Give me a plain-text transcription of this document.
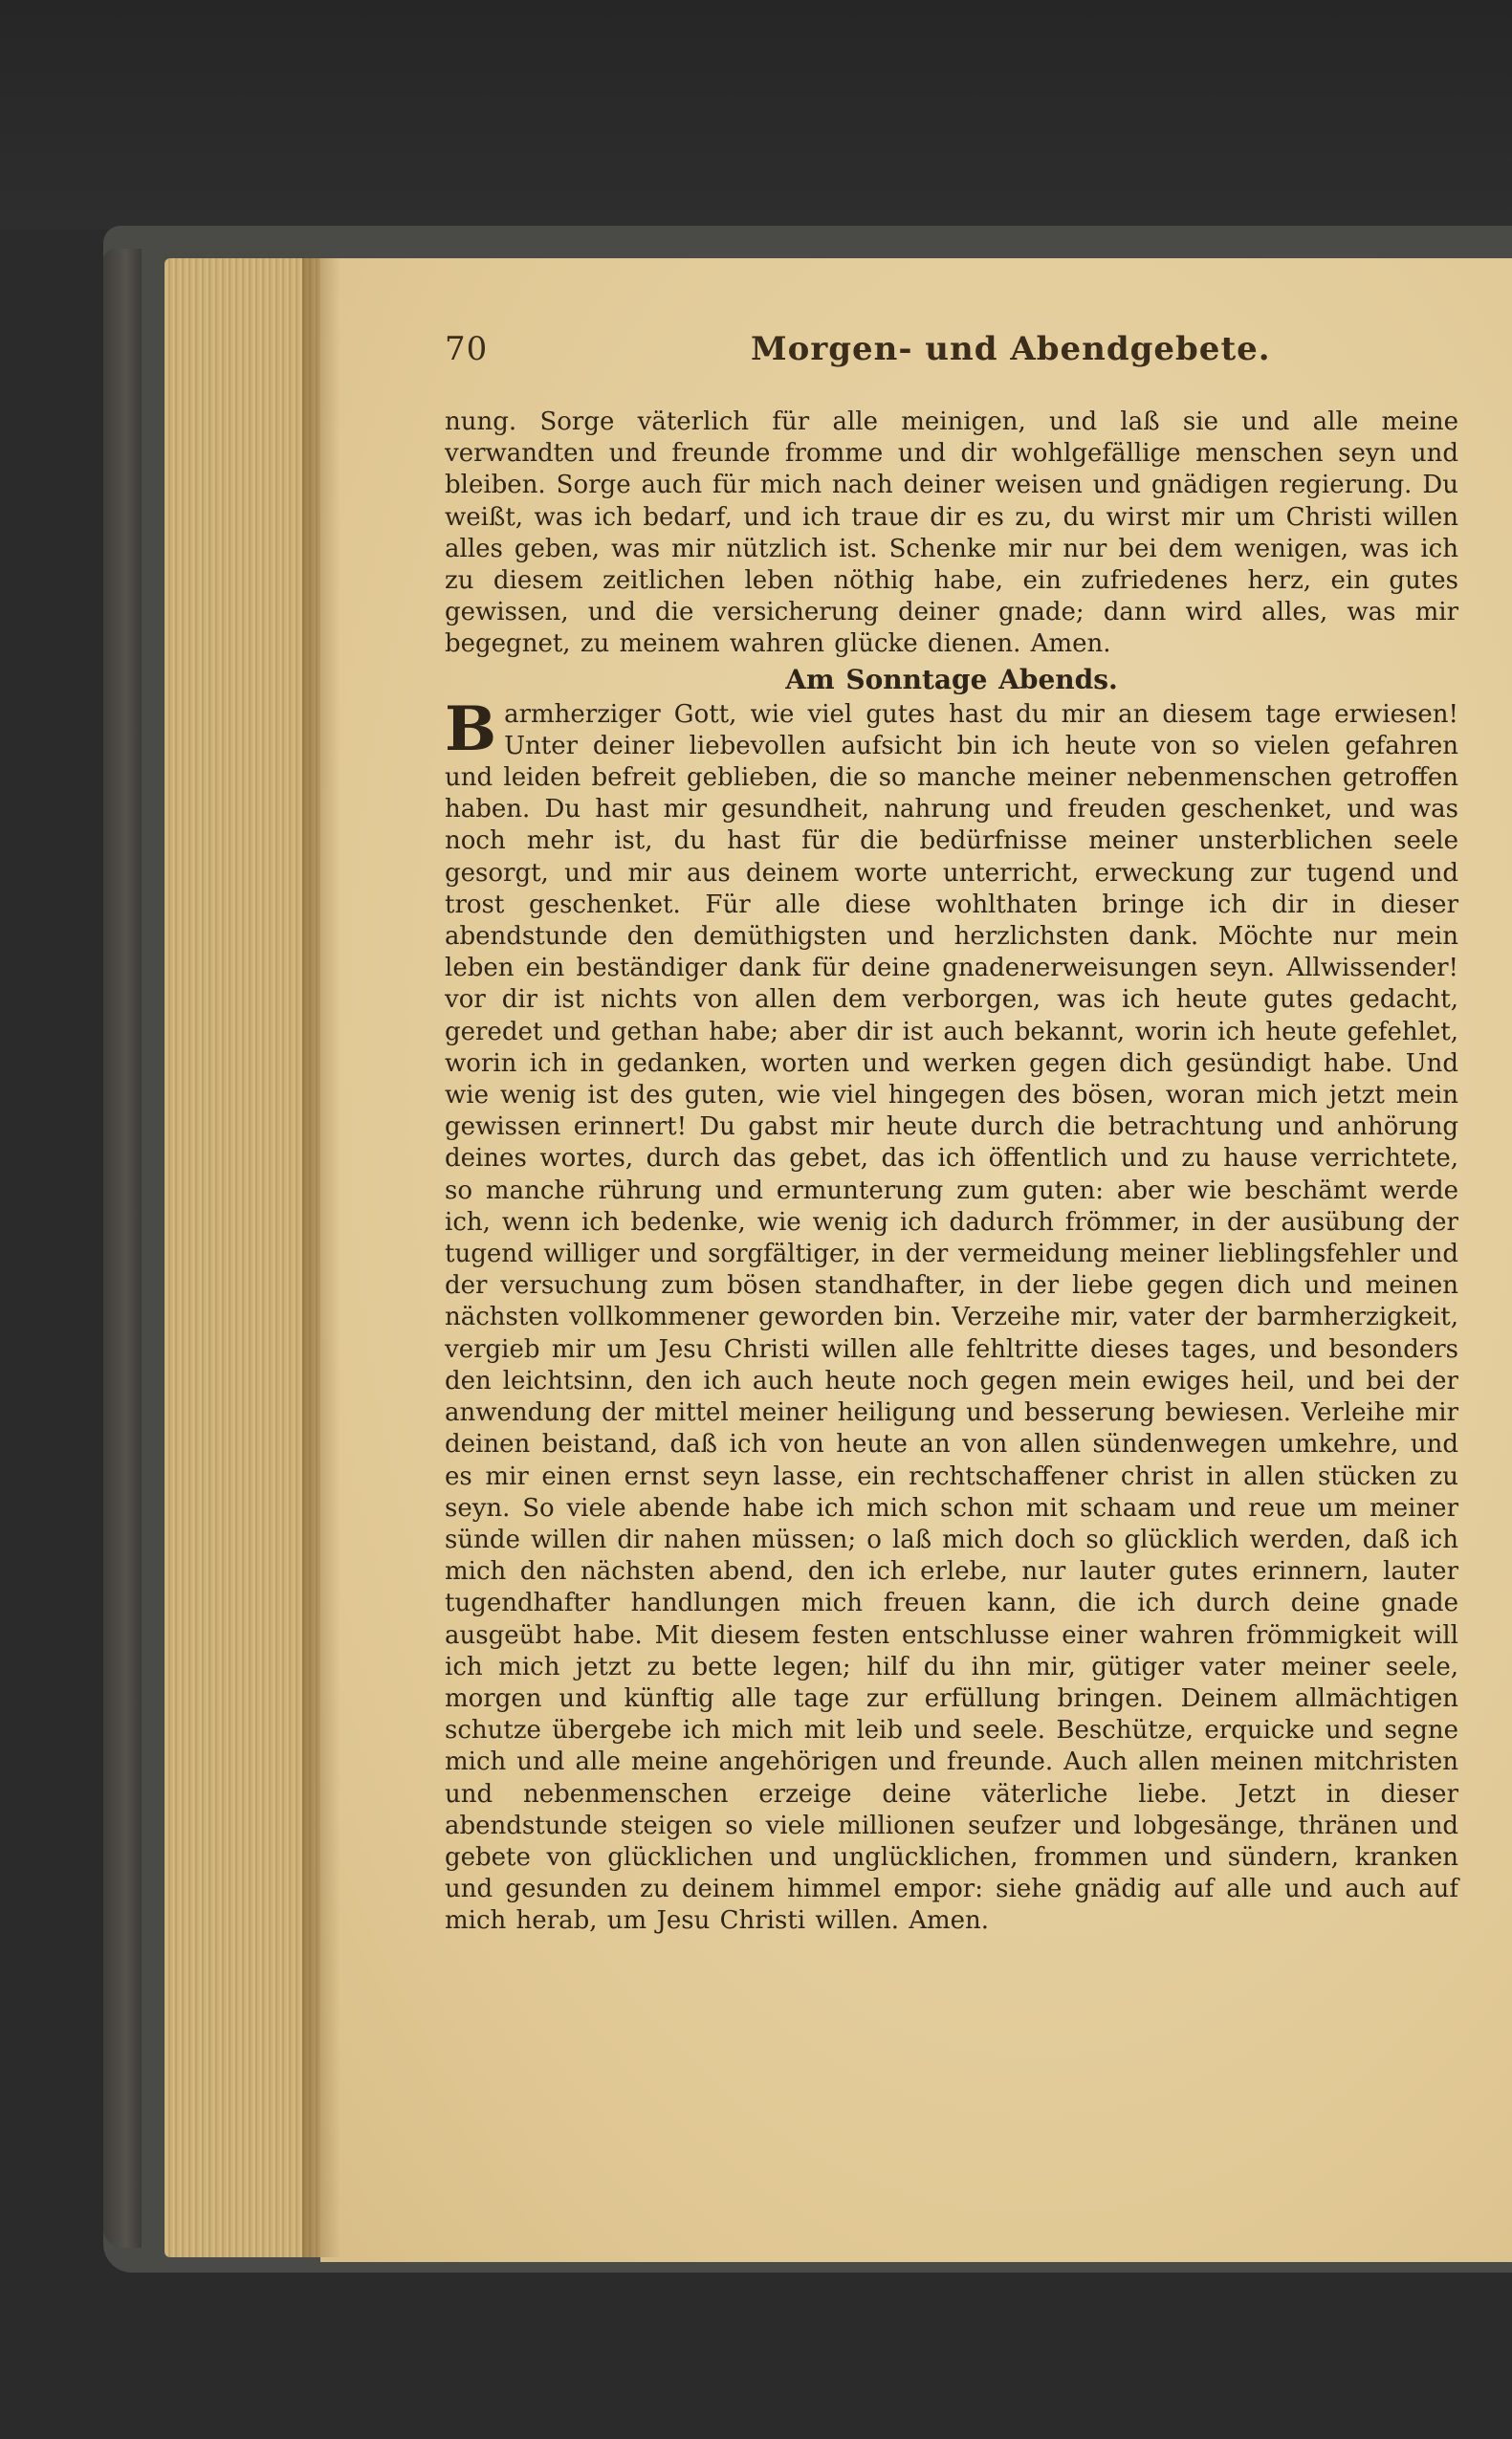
70	Morgen- und Abendgebete.

nung. Sorge väterlich für alle meinigen, und laß sie und alle meine verwandten und freunde fromme und dir wohlgefällige menschen seyn und bleiben. Sorge auch für mich nach deiner weisen und gnädigen regierung. Du weißt, was ich bedarf, und ich traue dir es zu, du wirst mir um Christi willen alles geben, was mir nützlich ist. Schenke mir nur bei dem wenigen, was ich zu diesem zeitlichen leben nöthig habe, ein zufriedenes herz, ein gutes gewissen, und die versicherung deiner gnade; dann wird alles, was mir begegnet, zu meinem wahren glücke dienen. Amen.

Am Sonntage Abends.

Barmherziger Gott, wie viel gutes hast du mir an diesem tage erwiesen! Unter deiner liebevollen aufsicht bin ich heute von so vielen gefahren und leiden befreit geblieben, die so manche meiner nebenmenschen getroffen haben. Du hast mir gesundheit, nahrung und freuden geschenket, und was noch mehr ist, du hast für die bedürfnisse meiner unsterblichen seele gesorgt, und mir aus deinem worte unterricht, erweckung zur tugend und trost geschenket. Für alle diese wohlthaten bringe ich dir in dieser abendstunde den demüthigsten und herzlichsten dank. Möchte nur mein leben ein beständiger dank für deine gnadenerweisungen seyn. Allwissender! vor dir ist nichts von allen dem verborgen, was ich heute gutes gedacht, geredet und gethan habe; aber dir ist auch bekannt, worin ich heute gefehlet, worin ich in gedanken, worten und werken gegen dich gesündigt habe. Und wie wenig ist des guten, wie viel hingegen des bösen, woran mich jetzt mein gewissen erinnert! Du gabst mir heute durch die betrachtung und anhörung deines wortes, durch das gebet, das ich öffentlich und zu hause verrichtete, so manche rührung und ermunterung zum guten: aber wie beschämt werde ich, wenn ich bedenke, wie wenig ich dadurch frömmer, in der ausübung der tugend williger und sorgfältiger, in der vermeidung meiner lieblingsfehler und der versuchung zum bösen standhafter, in der liebe gegen dich und meinen nächsten vollkommener geworden bin. Verzeihe mir, vater der barmherzigkeit, vergieb mir um Jesu Christi willen alle fehltritte dieses tages, und besonders den leichtsinn, den ich auch heute noch gegen mein ewiges heil, und bei der anwendung der mittel meiner heiligung und besserung bewiesen. Verleihe mir deinen beistand, daß ich von heute an von allen sündenwegen umkehre, und es mir einen ernst seyn lasse, ein rechtschaffener christ in allen stücken zu seyn. So viele abende habe ich mich schon mit schaam und reue um meiner sünde willen dir nahen müssen; o laß mich doch so glücklich werden, daß ich mich den nächsten abend, den ich erlebe, nur lauter gutes erinnern, lauter tugendhafter handlungen mich freuen kann, die ich durch deine gnade ausgeübt habe. Mit diesem festen entschlusse einer wahren frömmigkeit will ich mich jetzt zu bette legen; hilf du ihn mir, gütiger vater meiner seele, morgen und künftig alle tage zur erfüllung bringen. Deinem allmächtigen schutze übergebe ich mich mit leib und seele. Beschütze, erquicke und segne mich und alle meine angehörigen und freunde. Auch allen meinen mitchristen und nebenmenschen erzeige deine väterliche liebe. Jetzt in dieser abendstunde steigen so viele millionen seufzer und lobgesänge, thränen und gebete von glücklichen und unglücklichen, frommen und sündern, kranken und gesunden zu deinem himmel empor: siehe gnädig auf alle und auch auf mich herab, um Jesu Christi willen. Amen.
